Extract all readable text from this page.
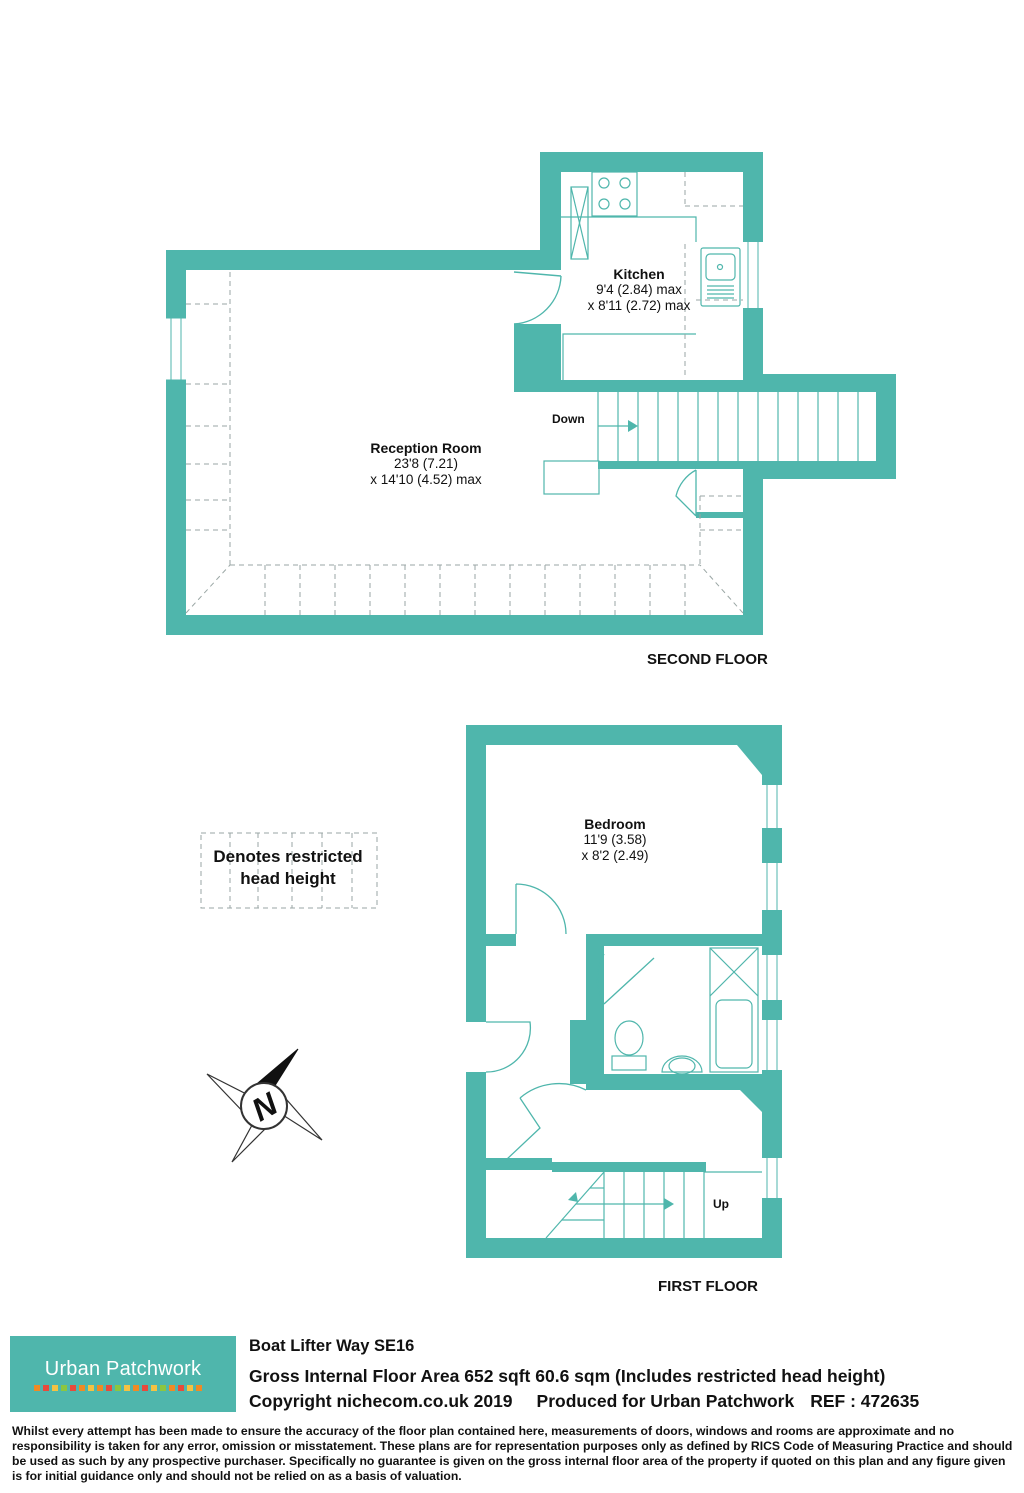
N
Kitchen
9'4 (2.84) max
x 8'11 (2.72) max
Reception Room
23'8 (7.21)
x 14'10 (4.52) max
Down
SECOND FLOOR
Bedroom
11'9 (3.58)
x 8'2 (2.49)
Up
FIRST FLOOR
Denotes restricted
head height
Urban Patchwork
Boat Lifter Way SE16
Gross Internal Floor Area 652 sqft 60.6 sqm (Includes restricted head height)
Copyright nichecom.co.uk 2019 Produced for Urban Patchwork REF : 472635
Whilst every attempt has been made to ensure the accuracy of the floor plan contained here, measurements of doors, windows and rooms are approximate and no responsibility is taken for any error, omission or misstatement. These plans are for representation purposes only as defined by RICS Code of Measuring Practice and should be used as such by any prospective purchaser. Specifically no guarantee is given on the gross internal floor area of the property if quoted on this plan and any figure given is for initial guidance only and should not be relied on as a basis of valuation.
